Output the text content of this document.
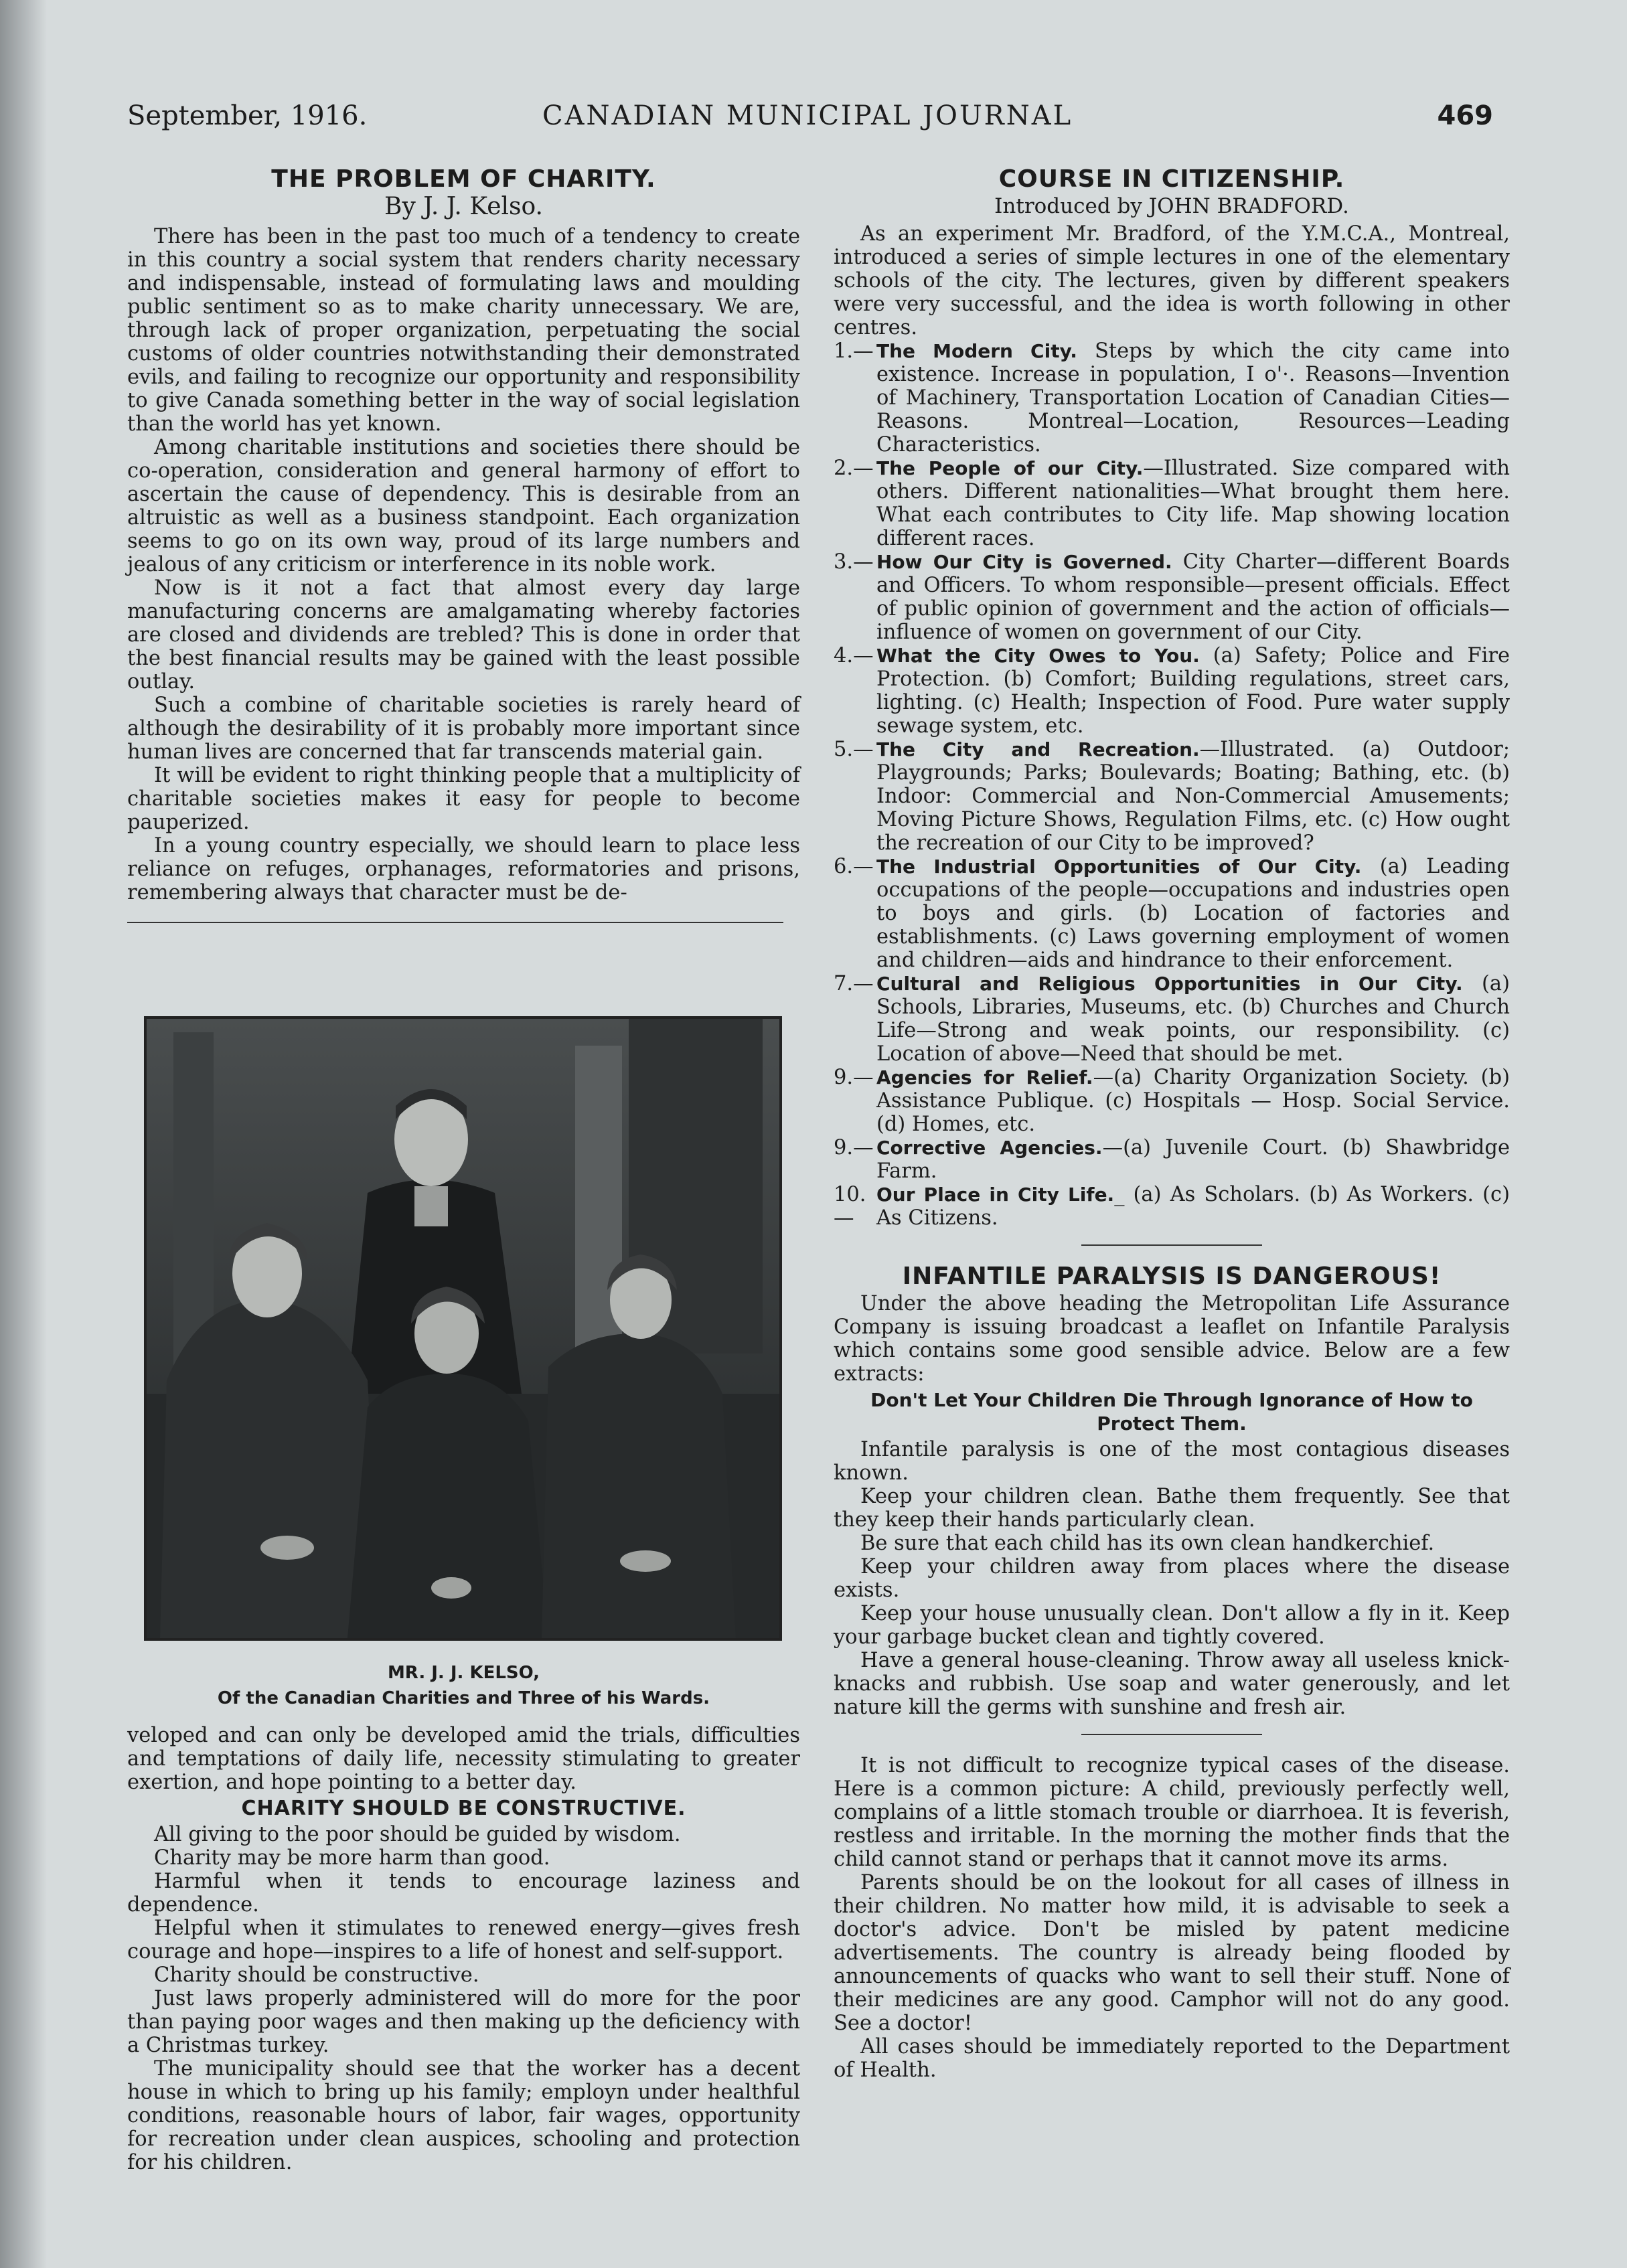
September, 1916.	CANADIAN MUNICIPAL JOURNAL	469
THE PROBLEM OF CHARITY.
By J. J. Kelso.

There has been in the past too much of a tendency to create in this country a social system that renders charity necessary and indispensable, instead of formulating laws and moulding public sentiment so as to make charity unnecessary. We are, through lack of proper organization, perpetuating the social customs of older countries notwithstanding their demonstrated evils, and failing to recognize our opportunity and responsibility to give Canada something better in the way of social legislation than the world has yet known.

Among charitable institutions and societies there should be co-operation, consideration and general harmony of effort to ascertain the cause of dependency. This is desirable from an altruistic as well as a business standpoint. Each organization seems to go on its own way, proud of its large numbers and jealous of any criticism or interference in its noble work.

Now is it not a fact that almost every day large manufacturing concerns are amalgamating whereby factories are closed and dividends are trebled? This is done in order that the best financial results may be gained with the least possible outlay.

Such a combine of charitable societies is rarely heard of although the desirability of it is probably more important since human lives are concerned that far transcends material gain.

It will be evident to right thinking people that a multiplicity of charitable societies makes it easy for people to become pauperized.

In a young country especially, we should learn to place less reliance on refuges, orphanages, reformatories and prisons, remembering always that character must be de-

MR. J. J. KELSO,
Of the Canadian Charities and Three of his Wards.

veloped and can only be developed amid the trials, difficulties and temptations of daily life, necessity stimulating to greater exertion, and hope pointing to a better day.

CHARITY SHOULD BE CONSTRUCTIVE.

All giving to the poor should be guided by wisdom.

Charity may be more harm than good.

Harmful when it tends to encourage laziness and dependence.

Helpful when it stimulates to renewed energy—gives fresh courage and hope—inspires to a life of honest and self-support.

Charity should be constructive.

Just laws properly administered will do more for the poor than paying poor wages and then making up the deficiency with a Christmas turkey.

The municipality should see that the worker has a decent house in which to bring up his family; employn under healthful conditions, reasonable hours of labor, fair wages, opportunity for recreation under clean auspices, schooling and protection for his children.

COURSE IN CITIZENSHIP.
Introduced by JOHN BRADFORD.

As an experiment Mr. Bradford, of the Y.M.C.A., Montreal, introduced a series of simple lectures in one of the elementary schools of the city. The lectures, given by different speakers were very successful, and the idea is worth following in other centres.

1.— The Modern City. Steps by which the city came into existence. Increase in population, I o'·. Reasons—Invention of Machinery, Transportation Location of Canadian Cities—Reasons. Montreal—Location, Resources—Leading Characteristics.
2.— The People of our City.—Illustrated. Size compared with others. Different nationalities—What brought them here. What each contributes to City life. Map showing location different races.
3.— How Our City is Governed. City Charter—different Boards and Officers. To whom responsible—present officials. Effect of public opinion of government and the action of officials—influence of women on government of our City.
4.— What the City Owes to You. (a) Safety; Police and Fire Protection. (b) Comfort; Building regulations, street cars, lighting. (c) Health; Inspection of Food. Pure water supply sewage system, etc.
5.— The City and Recreation.—Illustrated. (a) Outdoor; Playgrounds; Parks; Boulevards; Boating; Bathing, etc. (b) Indoor: Commercial and Non-Commercial Amusements; Moving Picture Shows, Regulation Films, etc. (c) How ought the recreation of our City to be improved?
6.— The Industrial Opportunities of Our City. (a) Leading occupations of the people—occupations and industries open to boys and girls. (b) Location of factories and establishments. (c) Laws governing employment of women and children—aids and hindrance to their enforcement.
7.— Cultural and Religious Opportunities in Our City. (a) Schools, Libraries, Museums, etc. (b) Churches and Church Life—Strong and weak points, our responsibility. (c) Location of above—Need that should be met.
9.— Agencies for Relief.—(a) Charity Organization Society. (b) Assistance Publique. (c) Hospitals — Hosp. Social Service. (d) Homes, etc.
9.— Corrective Agencies.—(a) Juvenile Court. (b) Shawbridge Farm.
10.—
Our Place in City Life._ (a) As Scholars. (b) As Workers. (c) As Citizens.
INFANTILE PARALYSIS IS DANGEROUS!

Under the above heading the Metropolitan Life Assurance Company is issuing broadcast a leaflet on Infantile Paralysis which contains some good sensible advice. Below are a few extracts:

Don't Let Your Children Die Through Ignorance of How to Protect Them.

Infantile paralysis is one of the most contagious diseases known.

Keep your children clean. Bathe them frequently. See that they keep their hands particularly clean.

Be sure that each child has its own clean handkerchief.

Keep your children away from places where the disease exists.

Keep your house unusually clean. Don't allow a fly in it. Keep your garbage bucket clean and tightly covered.

Have a general house-cleaning. Throw away all useless knick-knacks and rubbish. Use soap and water generously, and let nature kill the germs with sunshine and fresh air.

It is not difficult to recognize typical cases of the disease. Here is a common picture: A child, previously perfectly well, complains of a little stomach trouble or diarrhoea. It is feverish, restless and irritable. In the morning the mother finds that the child cannot stand or perhaps that it cannot move its arms.

Parents should be on the lookout for all cases of illness in their children. No matter how mild, it is advisable to seek a doctor's advice. Don't be misled by patent medicine advertisements. The country is already being flooded by announcements of quacks who want to sell their stuff. None of their medicines are any good. Camphor will not do any good. See a doctor!

All cases should be immediately reported to the Department of Health.
